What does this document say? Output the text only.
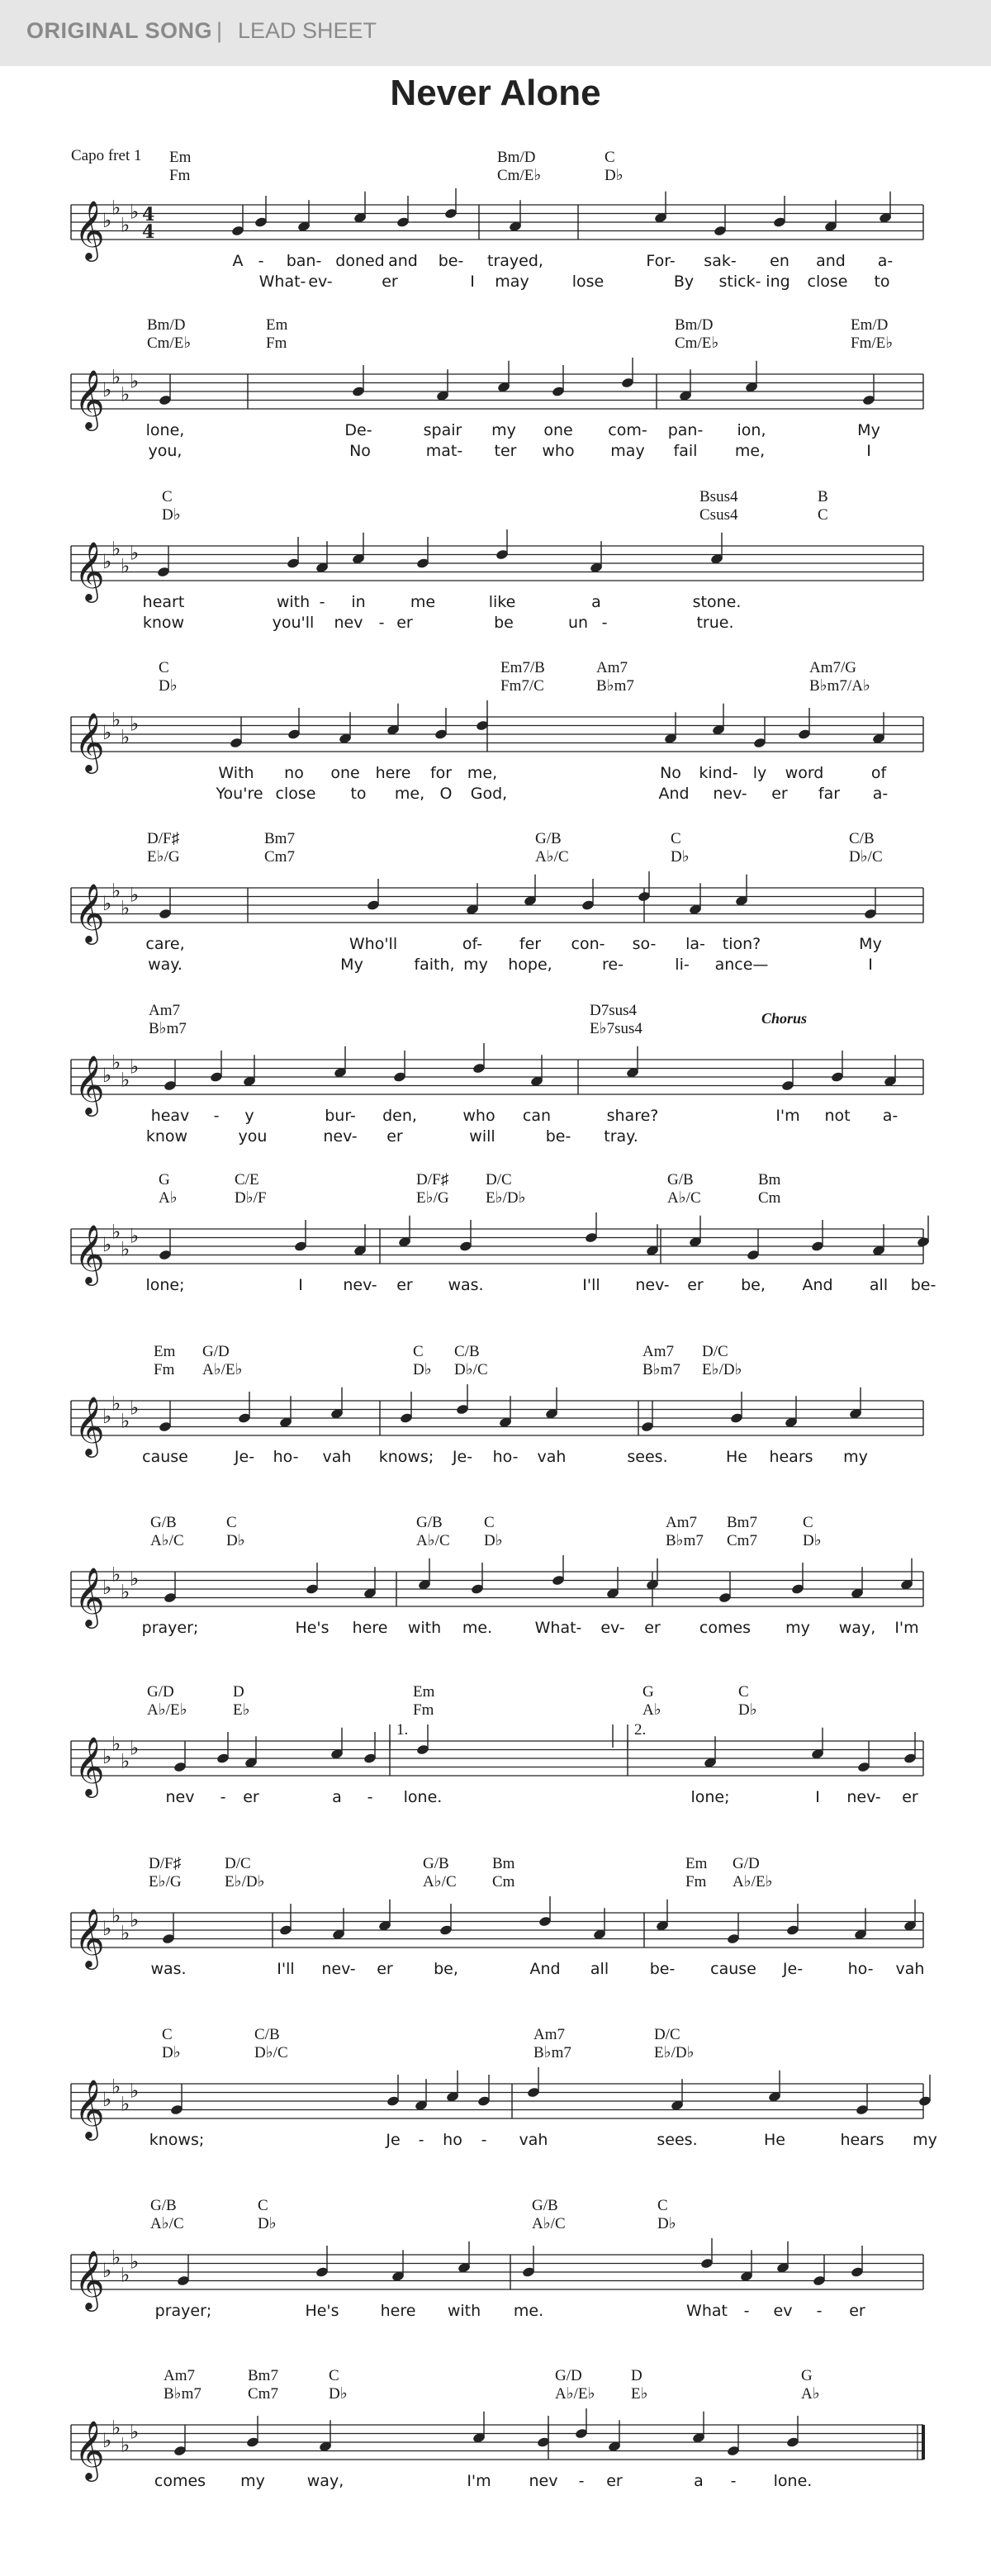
ORIGINAL SONG | LEAD SHEET
Never Alone
Capo fret 1 Em
Fm
Bm/D
Cm/E♭
C
D♭
𝄞
♭
♭
♭
♭ 4
4
A - ban- doned and be- trayed,	For- sak- en and a-
What- ev-	er	I may	lose	By stick- ing close to
Bm/D
Cm/E♭
Em
Fm
Bm/D
Cm/E♭
Em/D
Fm/E♭
𝄞
♭
♭
♭
♭
lone,	De-	spair my one com- pan- ion,	My
you,	No	mat- ter who may fail me,	I
C
D♭
Bsus4
Csus4
B
C
𝄞
♭
♭
♭
♭
heart	with - in	me	like	a	stone.
know	you'll nev - er	be	un -	true.
C
D♭
Em7/B
Fm7/C
Am7
B♭m7
Am7/G
B♭m7/A♭
𝄞
♭
♭
♭
♭
With no one here for me,	No kind- ly word	of
You're close to me, O God,	And nev- er far a-
D/F♯
E♭/G
Bm7
Cm7
G/B
A♭/C
C
D♭
C/B
D♭/C
𝄞
♭
♭
♭
♭
care,	Who'll	of- fer con- so- la- tion?	My
way.	My	faith, my hope,	re-	li- ance—	I
Am7
B♭m7
D7sus4
E♭7sus4
Chorus
𝄞
♭
♭
♭
♭
heav - y	bur- den,	who can	share?	I'm not a-
know	you	nev- er	will	be- tray.
G
A♭
C/E
D♭/F
D/F♯
E♭/G
D/C
E♭/D♭
G/B
A♭/C
Bm
Cm
𝄞
♭
♭
♭
♭
lone;	I	nev- er was.	I'll nev- er be, And all be-
Em
Fm
G/D
A♭/E♭
C
D♭
C/B
D♭/C
Am7
B♭m7
D/C
E♭/D♭
𝄞
♭
♭
♭
♭
cause	Je- ho- vah knows; Je- ho- vah	sees.	He hears my
G/B
A♭/C
C
D♭
G/B
A♭/C
C
D♭
Am7
B♭m7
Bm7
Cm7
C
D♭
𝄞
♭
♭
♭
♭
prayer;	He's here with me.	What- ev- er comes my way, I'm
G/D
A♭/E♭
D
E♭
Em
Fm
G
A♭
C
D♭
𝄞
♭
♭
♭
♭
1.	2.
nev - er	a - lone.	lone;	I nev- er
D/F♯
E♭/G
D/C
E♭/D♭
G/B
A♭/C
Bm
Cm
Em
Fm
G/D
A♭/E♭
𝄞
♭
♭
♭
♭
was.	I'll nev- er	be,	And all	be- cause Je-	ho- vah
C
D♭
C/B
D♭/C
Am7
B♭m7
D/C
E♭/D♭
𝄞
♭
♭
♭
♭
knows;	Je - ho - vah	sees.	He	hears my
G/B
A♭/C
C
D♭
G/B
A♭/C
C
D♭
𝄞
♭
♭
♭
♭
prayer;	He's	here with me.	What - ev - er
Am7
B♭m7
Bm7
Cm7
C
D♭
G/D
A♭/E♭
D
E♭
G
A♭
𝄞
♭
♭
♭
♭
comes my	way,	I'm nev - er	a - lone.
